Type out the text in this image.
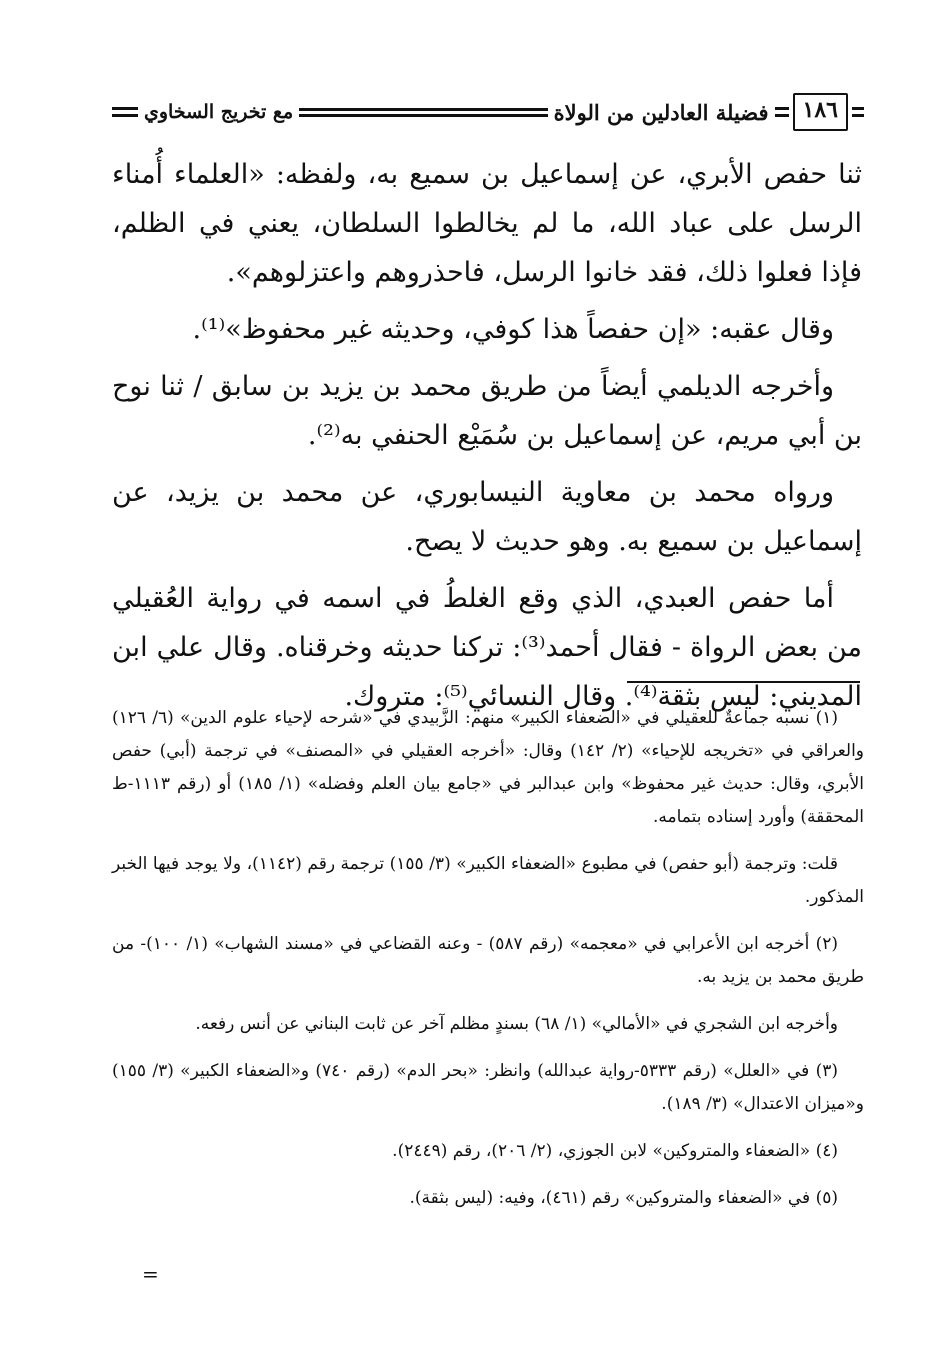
١٨٦
فضيلة العادلين من الولاة
مع تخريج السخاوي

ثنا حفص الأبري، عن إسماعيل بن سميع به، ولفظه: «العلماء أُمناء الرسل على عباد الله، ما لم يخالطوا السلطان، يعني في الظلم، فإذا فعلوا ذلك، فقد خانوا الرسل، فاحذروهم واعتزلوهم».

وقال عقبه: «إن حفصاً هذا كوفي، وحديثه غير محفوظ»⁽¹⁾.

وأخرجه الديلمي أيضاً من طريق محمد بن يزيد بن سابق / ثنا نوح بن أبي مريم، عن إسماعيل بن سُمَيْع الحنفي به⁽²⁾.

ورواه محمد بن معاوية النيسابوري، عن محمد بن يزيد، عن إسماعيل بن سميع به. وهو حديث لا يصح.

أما حفص العبدي، الذي وقع الغلطُ في اسمه في رواية العُقيلي من بعض الرواة - فقال أحمد⁽³⁾: تركنا حديثه وخرقناه. وقال علي ابن المديني: ليس بثقة⁽⁴⁾. وقال النسائي⁽⁵⁾: متروك.

(١) نسبه جماعةٌ للعقيلي في «الضعفاء الكبير» منهم: الزَّبيدي في «شرحه لإحياء علوم الدين» (٦/ ١٢٦) والعراقي في «تخريجه للإحياء» (٢/ ١٤٢) وقال: «أخرجه العقيلي في «المصنف» في ترجمة (أبي) حفص الأبري، وقال: حديث غير محفوظ» وابن عبدالبر في «جامع بيان العلم وفضله» (١/ ١٨٥) أو (رقم ١١١٣-ط المحققة) وأورد إسناده بتمامه.

قلت: وترجمة (أبو حفص) في مطبوع «الضعفاء الكبير» (٣/ ١٥٥) ترجمة رقم (١١٤٢)، ولا يوجد فيها الخبر المذكور.

(٢) أخرجه ابن الأعرابي في «معجمه» (رقم ٥٨٧) - وعنه القضاعي في «مسند الشهاب» (١/ ١٠٠)- من طريق محمد بن يزيد به.

وأخرجه ابن الشجري في «الأمالي» (١/ ٦٨) بسندٍ مظلم آخر عن ثابت البناني عن أنس رفعه.

(٣) في «العلل» (رقم ٥٣٣٣-رواية عبدالله) وانظر: «بحر الدم» (رقم ٧٤٠) و«الضعفاء الكبير» (٣/ ١٥٥) و«ميزان الاعتدال» (٣/ ١٨٩).

(٤) «الضعفاء والمتروكين» لابن الجوزي، (٢/ ٢٠٦)، رقم (٢٤٤٩).

(٥) في «الضعفاء والمتروكين» رقم (٤٦١)، وفيه: (ليس بثقة).

=
